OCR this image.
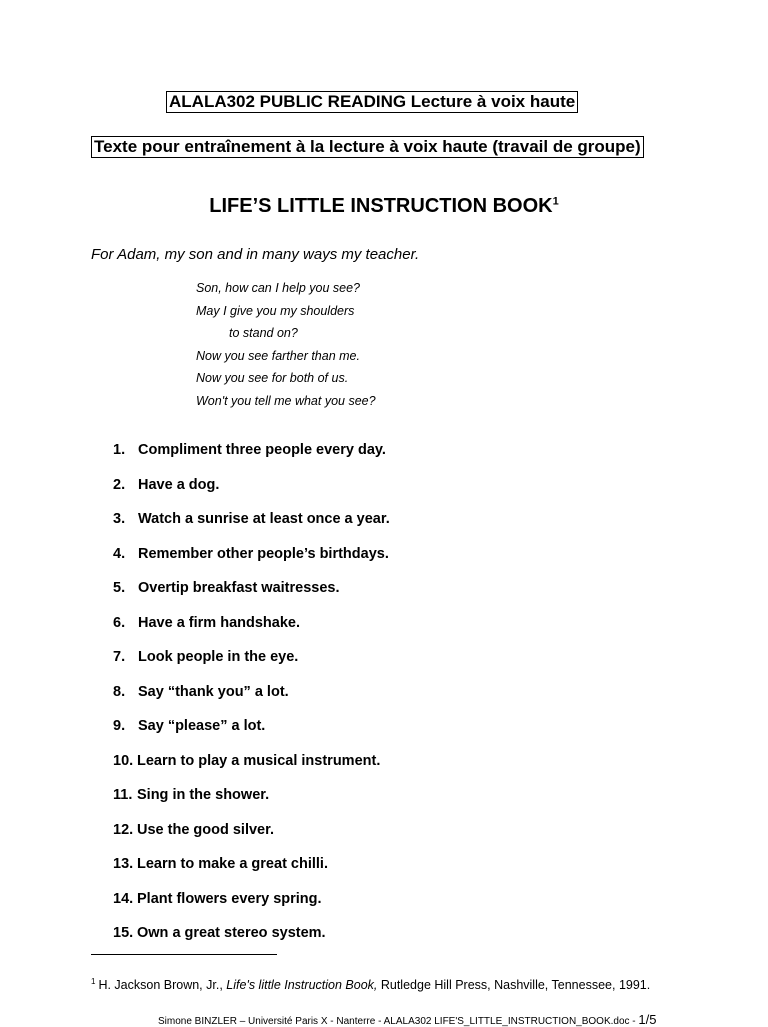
ALALA302 PUBLIC READING Lecture à voix haute
Texte pour entraînement à la lecture à voix haute (travail de groupe)
LIFE’S LITTLE INSTRUCTION BOOK$^1$
For Adam, my son and in many ways my teacher.
Son, how can I help you see?
May I give you my shoulders
to stand on?
Now you see farther than me.
Now you see for both of us.
Won't you tell me what you see?
1. Compliment three people every day.
2. Have a dog.
3. Watch a sunrise at least once a year.
4. Remember other people’s birthdays.
5. Overtip breakfast waitresses.
6. Have a firm handshake.
7. Look people in the eye.
8. Say “thank you” a lot.
9. Say “please” a lot.
10. Learn to play a musical instrument.
11. Sing in the shower.
12. Use the good silver.
13. Learn to make a great chilli.
14. Plant flowers every spring.
15. Own a great stereo system.
$^1$ H. Jackson Brown, Jr., Life's little Instruction Book, Rutledge Hill Press, Nashville, Tennessee, 1991.
Simone BINZLER – Université Paris X - Nanterre - ALALA302 LIFE'S_LITTLE_INSTRUCTION_BOOK.doc - 1/5
